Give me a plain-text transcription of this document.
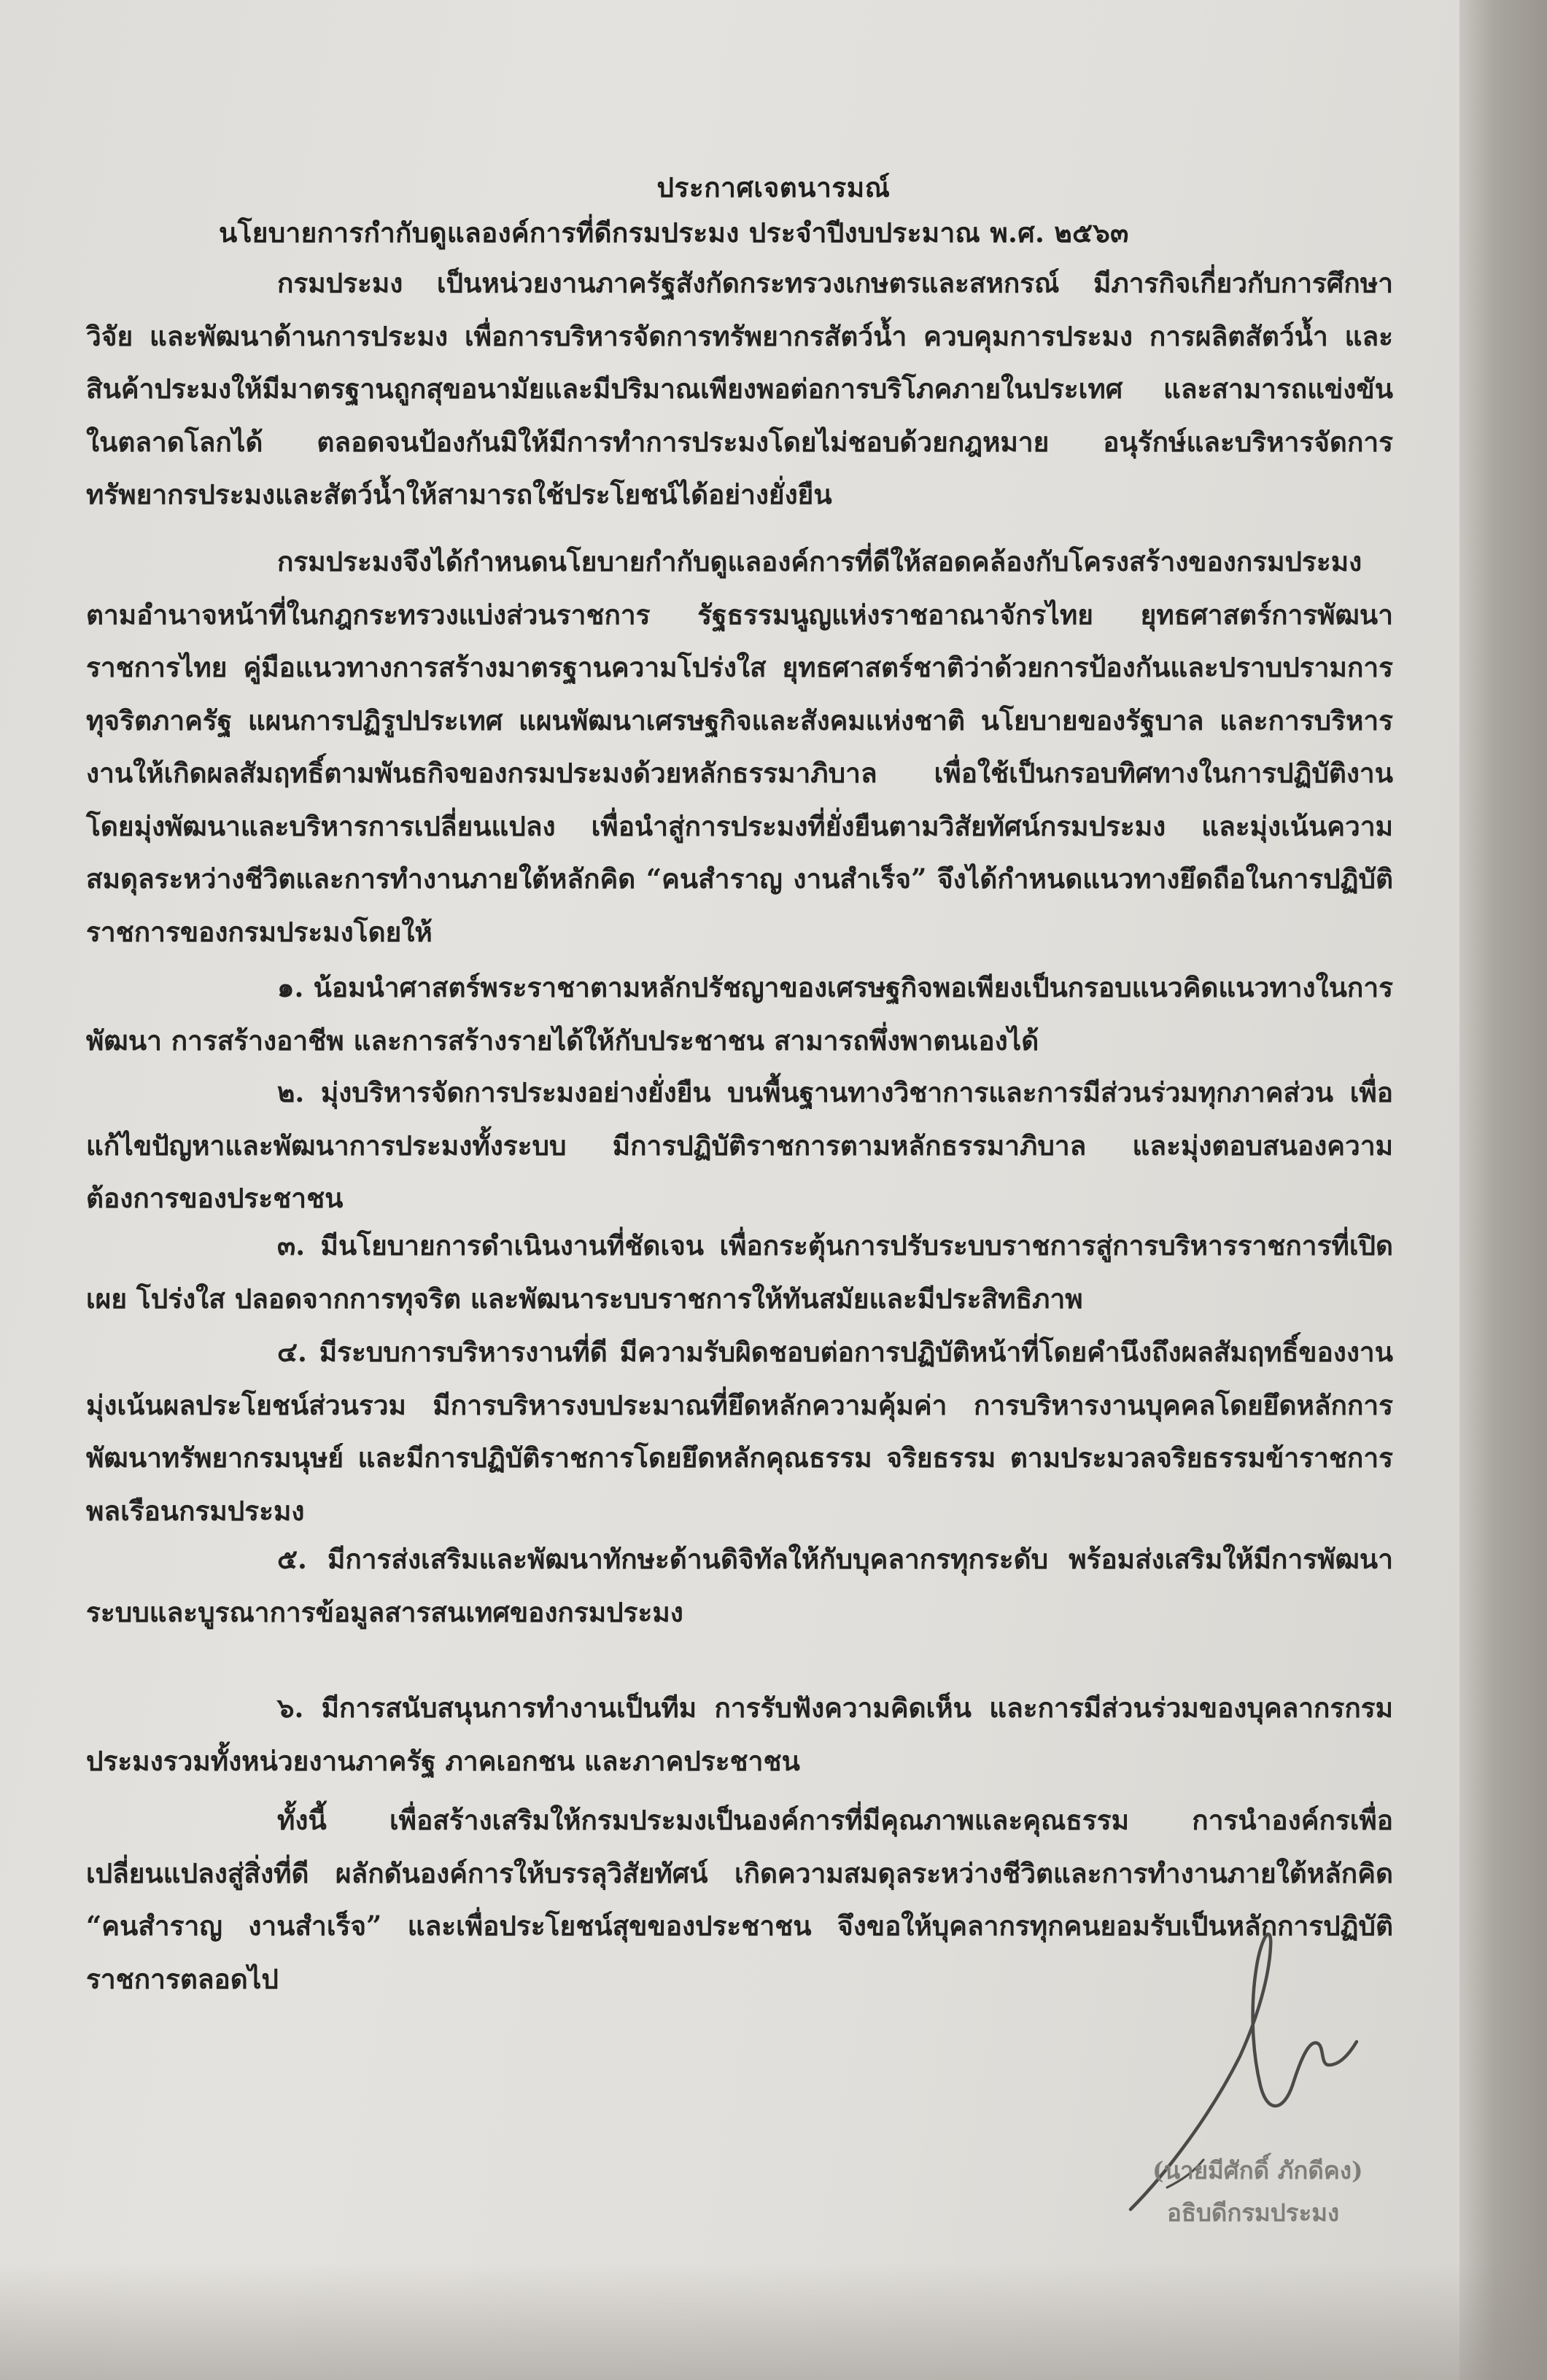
ประกาศเจตนารมณ์
นโยบายการกำกับดูแลองค์การที่ดีกรมประมง ประจำปีงบประมาณ พ.ศ. ๒๕๖๓
กรมประมง เป็นหน่วยงานภาครัฐสังกัดกระทรวงเกษตรและสหกรณ์ มีภารกิจเกี่ยวกับการศึกษา วิจัย และพัฒนาด้านการประมง เพื่อการบริหารจัดการทรัพยากรสัตว์น้ำ ควบคุมการประมง การผลิตสัตว์น้ำ และสินค้าประมงให้มีมาตรฐานถูกสุขอนามัยและมีปริมาณเพียงพอต่อการบริโภคภายในประเทศ และสามารถแข่งขันในตลาดโลกได้ ตลอดจนป้องกันมิให้มีการทำการประมงโดยไม่ชอบด้วยกฎหมาย อนุรักษ์และบริหารจัดการทรัพยากรประมงและสัตว์น้ำให้สามารถใช้ประโยชน์ได้อย่างยั่งยืน
กรมประมงจึงได้กำหนดนโยบายกำกับดูแลองค์การที่ดีให้สอดคล้องกับโครงสร้างของกรมประมงตามอำนาจหน้าที่ในกฎกระทรวงแบ่งส่วนราชการ รัฐธรรมนูญแห่งราชอาณาจักรไทย ยุทธศาสตร์การพัฒนาราชการไทย คู่มือแนวทางการสร้างมาตรฐานความโปร่งใส ยุทธศาสตร์ชาติว่าด้วยการป้องกันและปราบปรามการทุจริตภาครัฐ แผนการปฏิรูปประเทศ แผนพัฒนาเศรษฐกิจและสังคมแห่งชาติ นโยบายของรัฐบาล และการบริหารงานให้เกิดผลสัมฤทธิ์ตามพันธกิจของกรมประมงด้วยหลักธรรมาภิบาล เพื่อใช้เป็นกรอบทิศทางในการปฏิบัติงาน โดยมุ่งพัฒนาและบริหารการเปลี่ยนแปลง เพื่อนำสู่การประมงที่ยั่งยืนตามวิสัยทัศน์กรมประมง และมุ่งเน้นความสมดุลระหว่างชีวิตและการทำงานภายใต้หลักคิด “คนสำราญ งานสำเร็จ” จึงได้กำหนดแนวทางยึดถือในการปฏิบัติราชการของกรมประมงโดยให้
๑. น้อมนำศาสตร์พระราชาตามหลักปรัชญาของเศรษฐกิจพอเพียงเป็นกรอบแนวคิดแนวทางในการพัฒนา การสร้างอาชีพ และการสร้างรายได้ให้กับประชาชน สามารถพึ่งพาตนเองได้
๒. มุ่งบริหารจัดการประมงอย่างยั่งยืน บนพื้นฐานทางวิชาการและการมีส่วนร่วมทุกภาคส่วน เพื่อแก้ไขปัญหาและพัฒนาการประมงทั้งระบบ มีการปฏิบัติราชการตามหลักธรรมาภิบาล และมุ่งตอบสนองความต้องการของประชาชน
๓. มีนโยบายการดำเนินงานที่ชัดเจน เพื่อกระตุ้นการปรับระบบราชการสู่การบริหารราชการที่เปิดเผย โปร่งใส ปลอดจากการทุจริต และพัฒนาระบบราชการให้ทันสมัยและมีประสิทธิภาพ
๔. มีระบบการบริหารงานที่ดี มีความรับผิดชอบต่อการปฏิบัติหน้าที่โดยคำนึงถึงผลสัมฤทธิ์ของงาน มุ่งเน้นผลประโยชน์ส่วนรวม มีการบริหารงบประมาณที่ยึดหลักความคุ้มค่า การบริหารงานบุคคลโดยยึดหลักการพัฒนาทรัพยากรมนุษย์ และมีการปฏิบัติราชการโดยยึดหลักคุณธรรม จริยธรรม ตามประมวลจริยธรรมข้าราชการพลเรือนกรมประมง
๕. มีการส่งเสริมและพัฒนาทักษะด้านดิจิทัลให้กับบุคลากรทุกระดับ พร้อมส่งเสริมให้มีการพัฒนาระบบและบูรณาการข้อมูลสารสนเทศของกรมประมง
๖. มีการสนับสนุนการทำงานเป็นทีม การรับฟังความคิดเห็น และการมีส่วนร่วมของบุคลากรกรมประมงรวมทั้งหน่วยงานภาครัฐ ภาคเอกชน และภาคประชาชน
ทั้งนี้ เพื่อสร้างเสริมให้กรมประมงเป็นองค์การที่มีคุณภาพและคุณธรรม การนำองค์กรเพื่อเปลี่ยนแปลงสู่สิ่งที่ดี ผลักดันองค์การให้บรรลุวิสัยทัศน์ เกิดความสมดุลระหว่างชีวิตและการทำงานภายใต้หลักคิด “คนสำราญ งานสำเร็จ” และเพื่อประโยชน์สุขของประชาชน จึงขอให้บุคลากรทุกคนยอมรับเป็นหลักการปฏิบัติราชการตลอดไป
(นายมีศักดิ์ ภักดีคง)
อธิบดีกรมประมง
